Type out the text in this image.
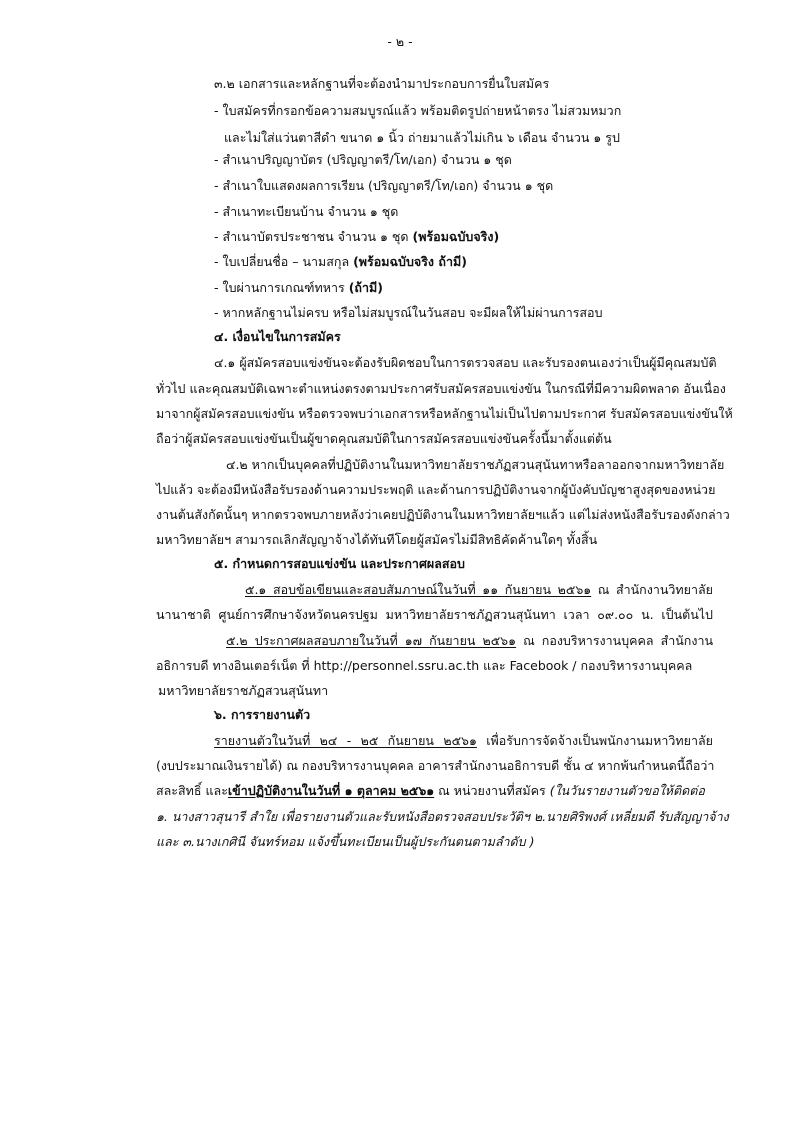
- ๒ -
๓.๒ เอกสารและหลักฐานที่จะต้องนำมาประกอบการยื่นใบสมัคร
- ใบสมัครที่กรอกข้อความสมบูรณ์แล้ว พร้อมติดรูปถ่ายหน้าตรง ไม่สวมหมวก
และไม่ใส่แว่นตาสีดำ ขนาด ๑ นิ้ว ถ่ายมาแล้วไม่เกิน ๖ เดือน จำนวน ๑ รูป
- สำเนาปริญญาบัตร (ปริญญาตรี/โท/เอก) จำนวน ๑ ชุด
- สำเนาใบแสดงผลการเรียน (ปริญญาตรี/โท/เอก) จำนวน ๑ ชุด
- สำเนาทะเบียนบ้าน จำนวน ๑ ชุด
- สำเนาบัตรประชาชน จำนวน ๑ ชุด (พร้อมฉบับจริง)
- ใบเปลี่ยนชื่อ – นามสกุล (พร้อมฉบับจริง ถ้ามี)
- ใบผ่านการเกณฑ์ทหาร (ถ้ามี)
- หากหลักฐานไม่ครบ หรือไม่สมบูรณ์ในวันสอบ จะมีผลให้ไม่ผ่านการสอบ
๔. เงื่อนไขในการสมัคร
๔.๑ ผู้สมัครสอบแข่งขันจะต้องรับผิดชอบในการตรวจสอบ และรับรองตนเองว่าเป็นผู้มีคุณสมบัติ
ทั่วไป และคุณสมบัติเฉพาะตำแหน่งตรงตามประกาศรับสมัครสอบแข่งขัน ในกรณีที่มีความผิดพลาด อันเนื่อง
มาจากผู้สมัครสอบแข่งขัน หรือตรวจพบว่าเอกสารหรือหลักฐานไม่เป็นไปตามประกาศ รับสมัครสอบแข่งขันให้
ถือว่าผู้สมัครสอบแข่งขันเป็นผู้ขาดคุณสมบัติในการสมัครสอบแข่งขันครั้งนี้มาตั้งแต่ต้น
๔.๒ หากเป็นบุคคลที่ปฏิบัติงานในมหาวิทยาลัยราชภัฏสวนสุนันทาหรือลาออกจากมหาวิทยาลัย
ไปแล้ว จะต้องมีหนังสือรับรองด้านความประพฤติ และด้านการปฏิบัติงานจากผู้บังคับบัญชาสูงสุดของหน่วย
งานต้นสังกัดนั้นๆ หากตรวจพบภายหลังว่าเคยปฏิบัติงานในมหาวิทยาลัยฯแล้ว แต่ไม่ส่งหนังสือรับรองดังกล่าว
มหาวิทยาลัยฯ สามารถเลิกสัญญาจ้างได้ทันทีโดยผู้สมัครไม่มีสิทธิคัดค้านใดๆ ทั้งสิ้น
๕. กำหนดการสอบแข่งขัน และประกาศผลสอบ
๕.๑ สอบข้อเขียนและสอบสัมภาษณ์ในวันที่ ๑๑ กันยายน ๒๕๖๑ ณ สำนักงานวิทยาลัย
นานาชาติ ศูนย์การศึกษาจังหวัดนครปฐม มหาวิทยาลัยราชภัฏสวนสุนันทา เวลา ๐๙.๐๐ น. เป็นต้นไป
๕.๒ ประกาศผลสอบภายในวันที่ ๑๗ กันยายน ๒๕๖๑ ณ กองบริหารงานบุคคล สำนักงาน
อธิการบดี ทางอินเตอร์เน็ต ที่ http://personnel.ssru.ac.th และ Facebook / กองบริหารงานบุคคล
มหาวิทยาลัยราชภัฏสวนสุนันทา
๖. การรายงานตัว
รายงานตัวในวันที่ ๒๔ - ๒๕ กันยายน ๒๕๖๑ เพื่อรับการจัดจ้างเป็นพนักงานมหาวิทยาลัย
(งบประมาณเงินรายได้) ณ กองบริหารงานบุคคล อาคารสำนักงานอธิการบดี ชั้น ๔ หากพ้นกำหนดนี้ถือว่า
สละสิทธิ์ และเข้าปฏิบัติงานในวันที่ ๑ ตุลาคม ๒๕๖๑ ณ หน่วยงานที่สมัคร (ในวันรายงานตัวขอให้ติดต่อ
๑. นางสาวสุนารี สำใย เพื่อรายงานตัวและรับหนังสือตรวจสอบประวัติฯ ๒.นายศิริพงศ์ เหลี่ยมดี รับสัญญาจ้าง
และ ๓.นางเกศินี จันทร์หอม แจ้งขึ้นทะเบียนเป็นผู้ประกันตนตามลำดับ )
